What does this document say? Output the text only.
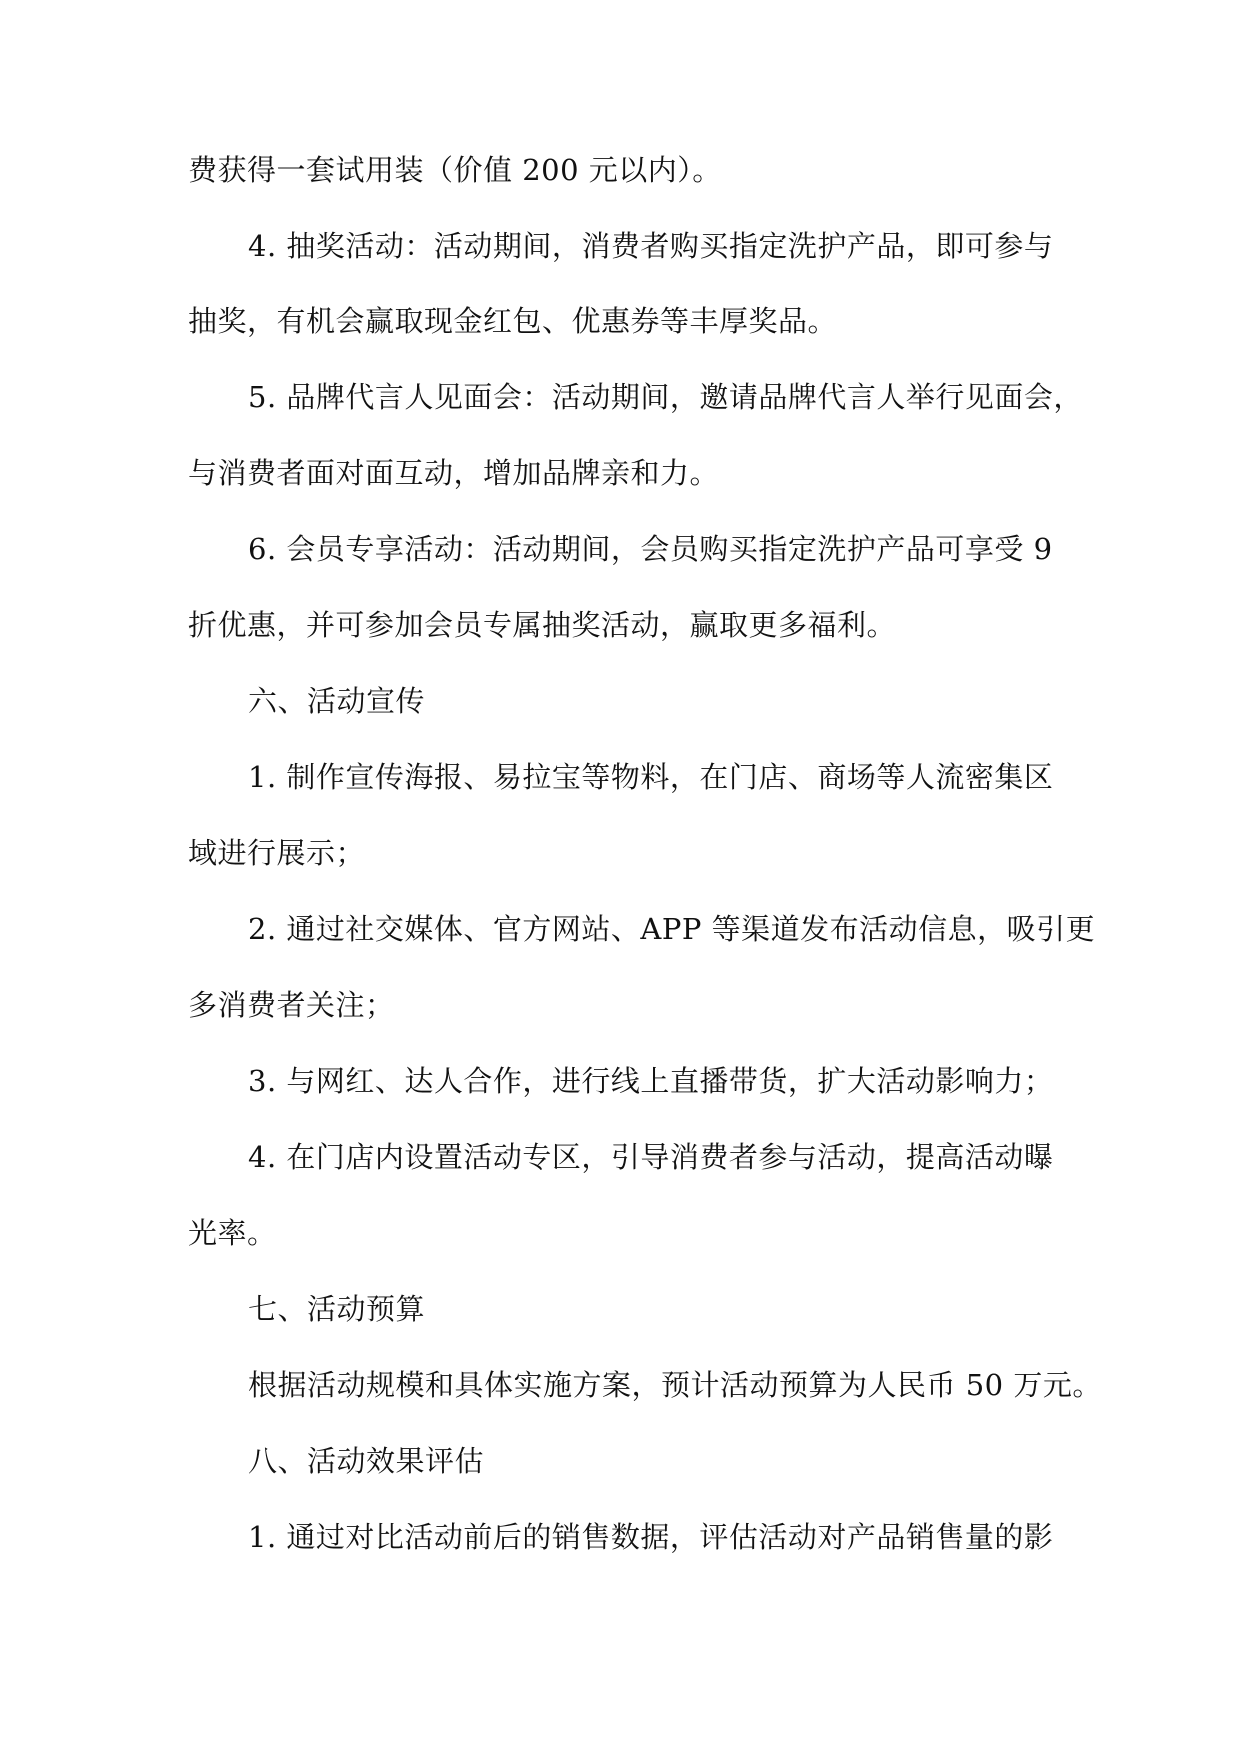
费获得一套试用装（价值 200 元以内）。
4. 抽奖活动：活动期间，消费者购买指定洗护产品，即可参与
抽奖，有机会赢取现金红包、优惠券等丰厚奖品。
5. 品牌代言人见面会：活动期间，邀请品牌代言人举行见面会，
与消费者面对面互动，增加品牌亲和力。
6. 会员专享活动：活动期间，会员购买指定洗护产品可享受 9
折优惠，并可参加会员专属抽奖活动，赢取更多福利。
六、活动宣传
1. 制作宣传海报、易拉宝等物料，在门店、商场等人流密集区
域进行展示；
2. 通过社交媒体、官方网站、APP 等渠道发布活动信息，吸引更
多消费者关注；
3. 与网红、达人合作，进行线上直播带货，扩大活动影响力；
4. 在门店内设置活动专区，引导消费者参与活动，提高活动曝
光率。
七、活动预算
根据活动规模和具体实施方案，预计活动预算为人民币 50 万元。
八、活动效果评估
1. 通过对比活动前后的销售数据，评估活动对产品销售量的影
